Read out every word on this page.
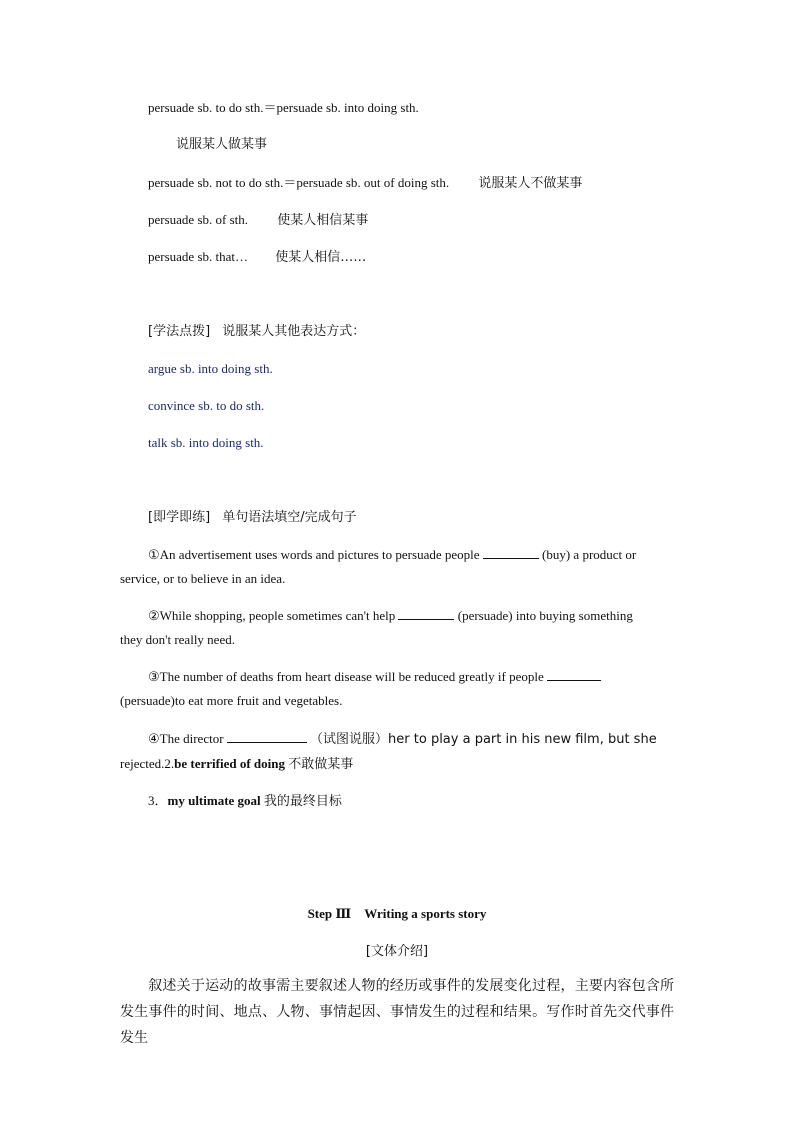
persuade sb. to do sth.＝persuade sb. into doing sth.
说服某人做某事
persuade sb. not to do sth.＝persuade sb. out of doing sth. 说服某人不做某事
persuade sb. of sth. 使某人相信某事
persuade sb. that… 使某人相信……
[学法点拨] 说服某人其他表达方式：
argue sb. into doing sth.
convince sb. to do sth.
talk sb. into doing sth.
[即学即练] 单句语法填空/完成句子
①An advertisement uses words and pictures to persuade people	(buy) a product or
service, or to believe in an idea.
②While shopping, people sometimes can't help	(persuade) into buying something
they don't really need.
③The number of deaths from heart disease will be reduced greatly if people
(persuade)to eat more fruit and vegetables.
④The director	（试图说服）her to play a part in his new film, but she
rejected.2.be terrified of doing 不敢做某事
3．my ultimate goal 我的最终目标
Step Ⅲ　Writing a sports story
[文体介绍]
叙述关于运动的故事需主要叙述人物的经历或事件的发展变化过程，主要内容包含所发生事件的时间、地点、人物、事情起因、事情发生的过程和结果。写作时首先交代事件发生
